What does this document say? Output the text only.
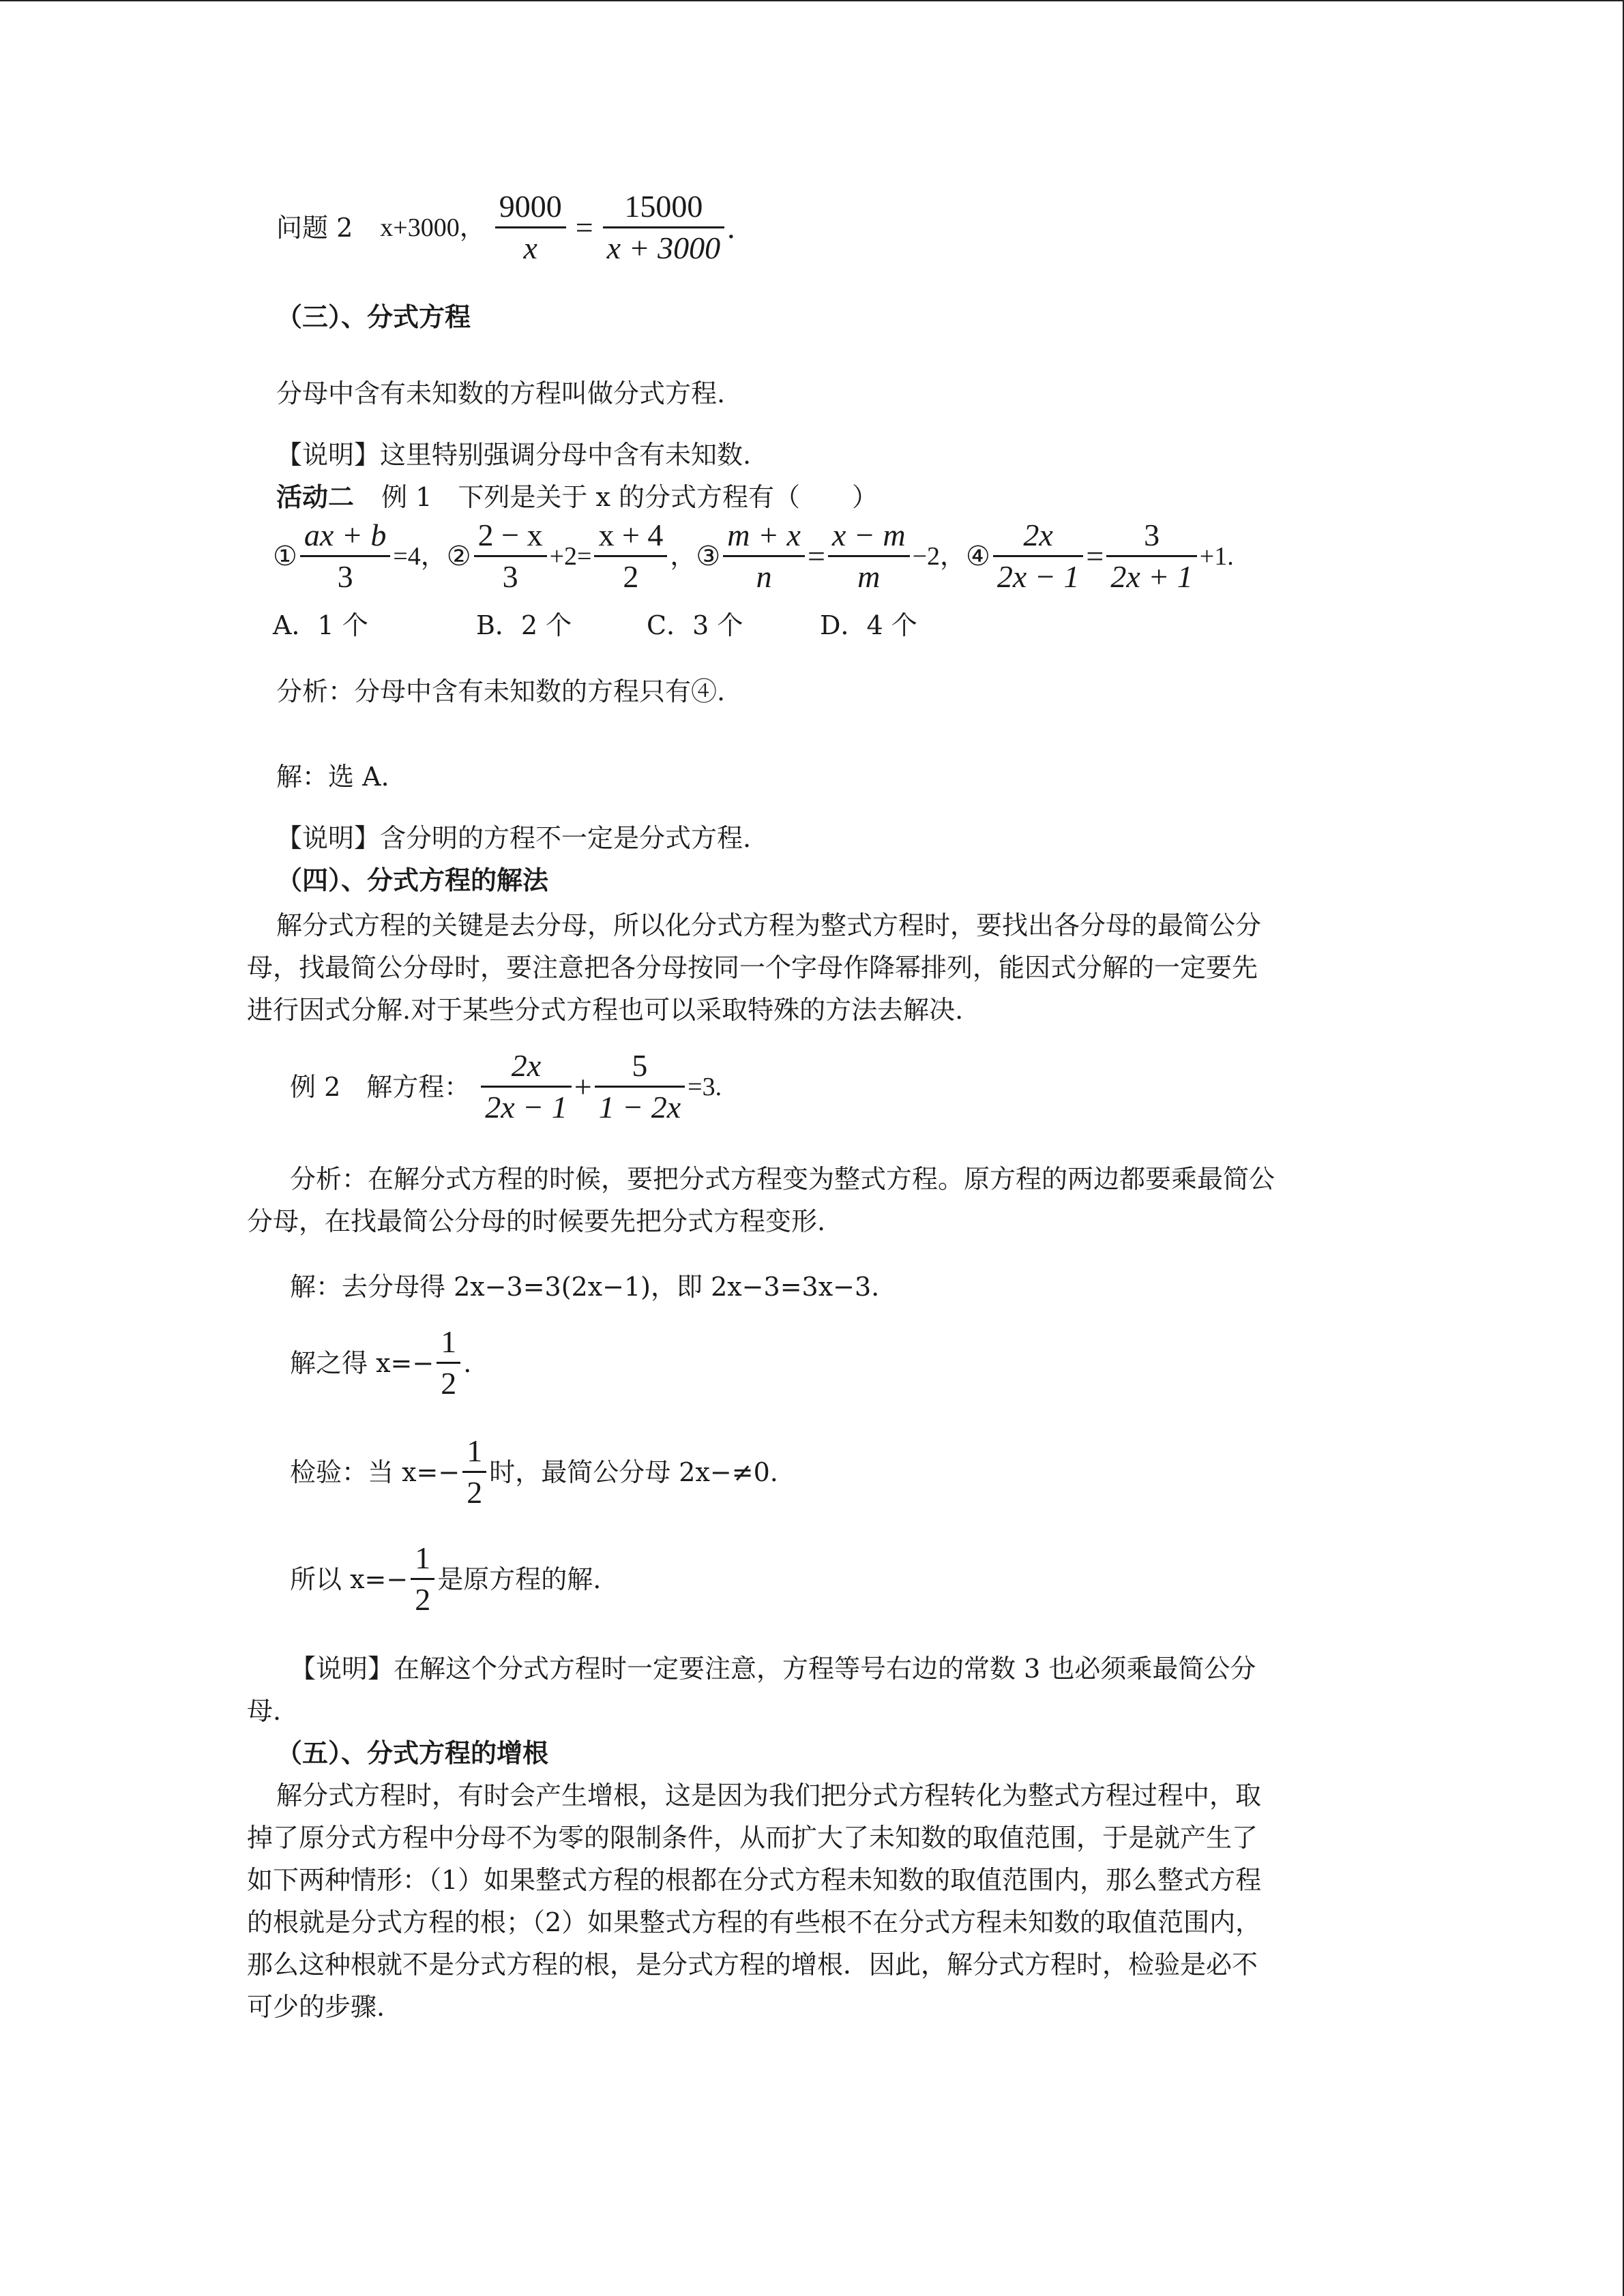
问题 2 x+3000， $\frac{9000}{x} = \frac{15000}{x + 3000}$ .
（三）、分式方程
分母中含有未知数的方程叫做分式方程.
【说明】这里特别强调分母中含有未知数.
活动二 例 1　下列是关于 x 的分式方程有（　　）
① $\frac{ax + b}{3} =4$， ② $\frac{2 - x}{3} +2= \frac{x + 4}{2}$ ， ③ $\frac{m + x}{n} = \frac{x - m}{m} -2$， ④ $\frac{2x}{2x - 1} = \frac{3}{2x + 1} +1$.
A．1 个	B．2 个	C．3 个	D．4 个
分析：分母中含有未知数的方程只有④.
解：选 A.
【说明】含分明的方程不一定是分式方程.
（四）、分式方程的解法
解分式方程的关键是去分母，所以化分式方程为整式方程时，要找出各分母的最简公分
母，找最简公分母时，要注意把各分母按同一个字母作降幂排列，能因式分解的一定要先
进行因式分解.对于某些分式方程也可以采取特殊的方法去解决.
例 2　解方程： $\frac{2x}{2x - 1} + \frac{5}{1 - 2x} =3$.
分析：在解分式方程的时候，要把分式方程变为整式方程。原方程的两边都要乘最简公
分母，在找最简公分母的时候要先把分式方程变形.
解：去分母得 2x−3=3(2x−1)，即 2x−3=3x−3.
解之得 $x=- \frac{1}{2}$ .
检验：当 $x=- \frac{1}{2}$ 时，最简公分母 2x−≠0.
所以 $x=- \frac{1}{2}$ 是原方程的解.
【说明】在解这个分式方程时一定要注意，方程等号右边的常数 3 也必须乘最简公分
母.
（五）、分式方程的增根
解分式方程时，有时会产生增根，这是因为我们把分式方程转化为整式方程过程中，取
掉了原分式方程中分母不为零的限制条件，从而扩大了未知数的取值范围，于是就产生了
如下两种情形：（1）如果整式方程的根都在分式方程未知数的取值范围内，那么整式方程
的根就是分式方程的根；（2）如果整式方程的有些根不在分式方程未知数的取值范围内，
那么这种根就不是分式方程的根，是分式方程的增根．因此，解分式方程时，检验是必不
可少的步骤.
